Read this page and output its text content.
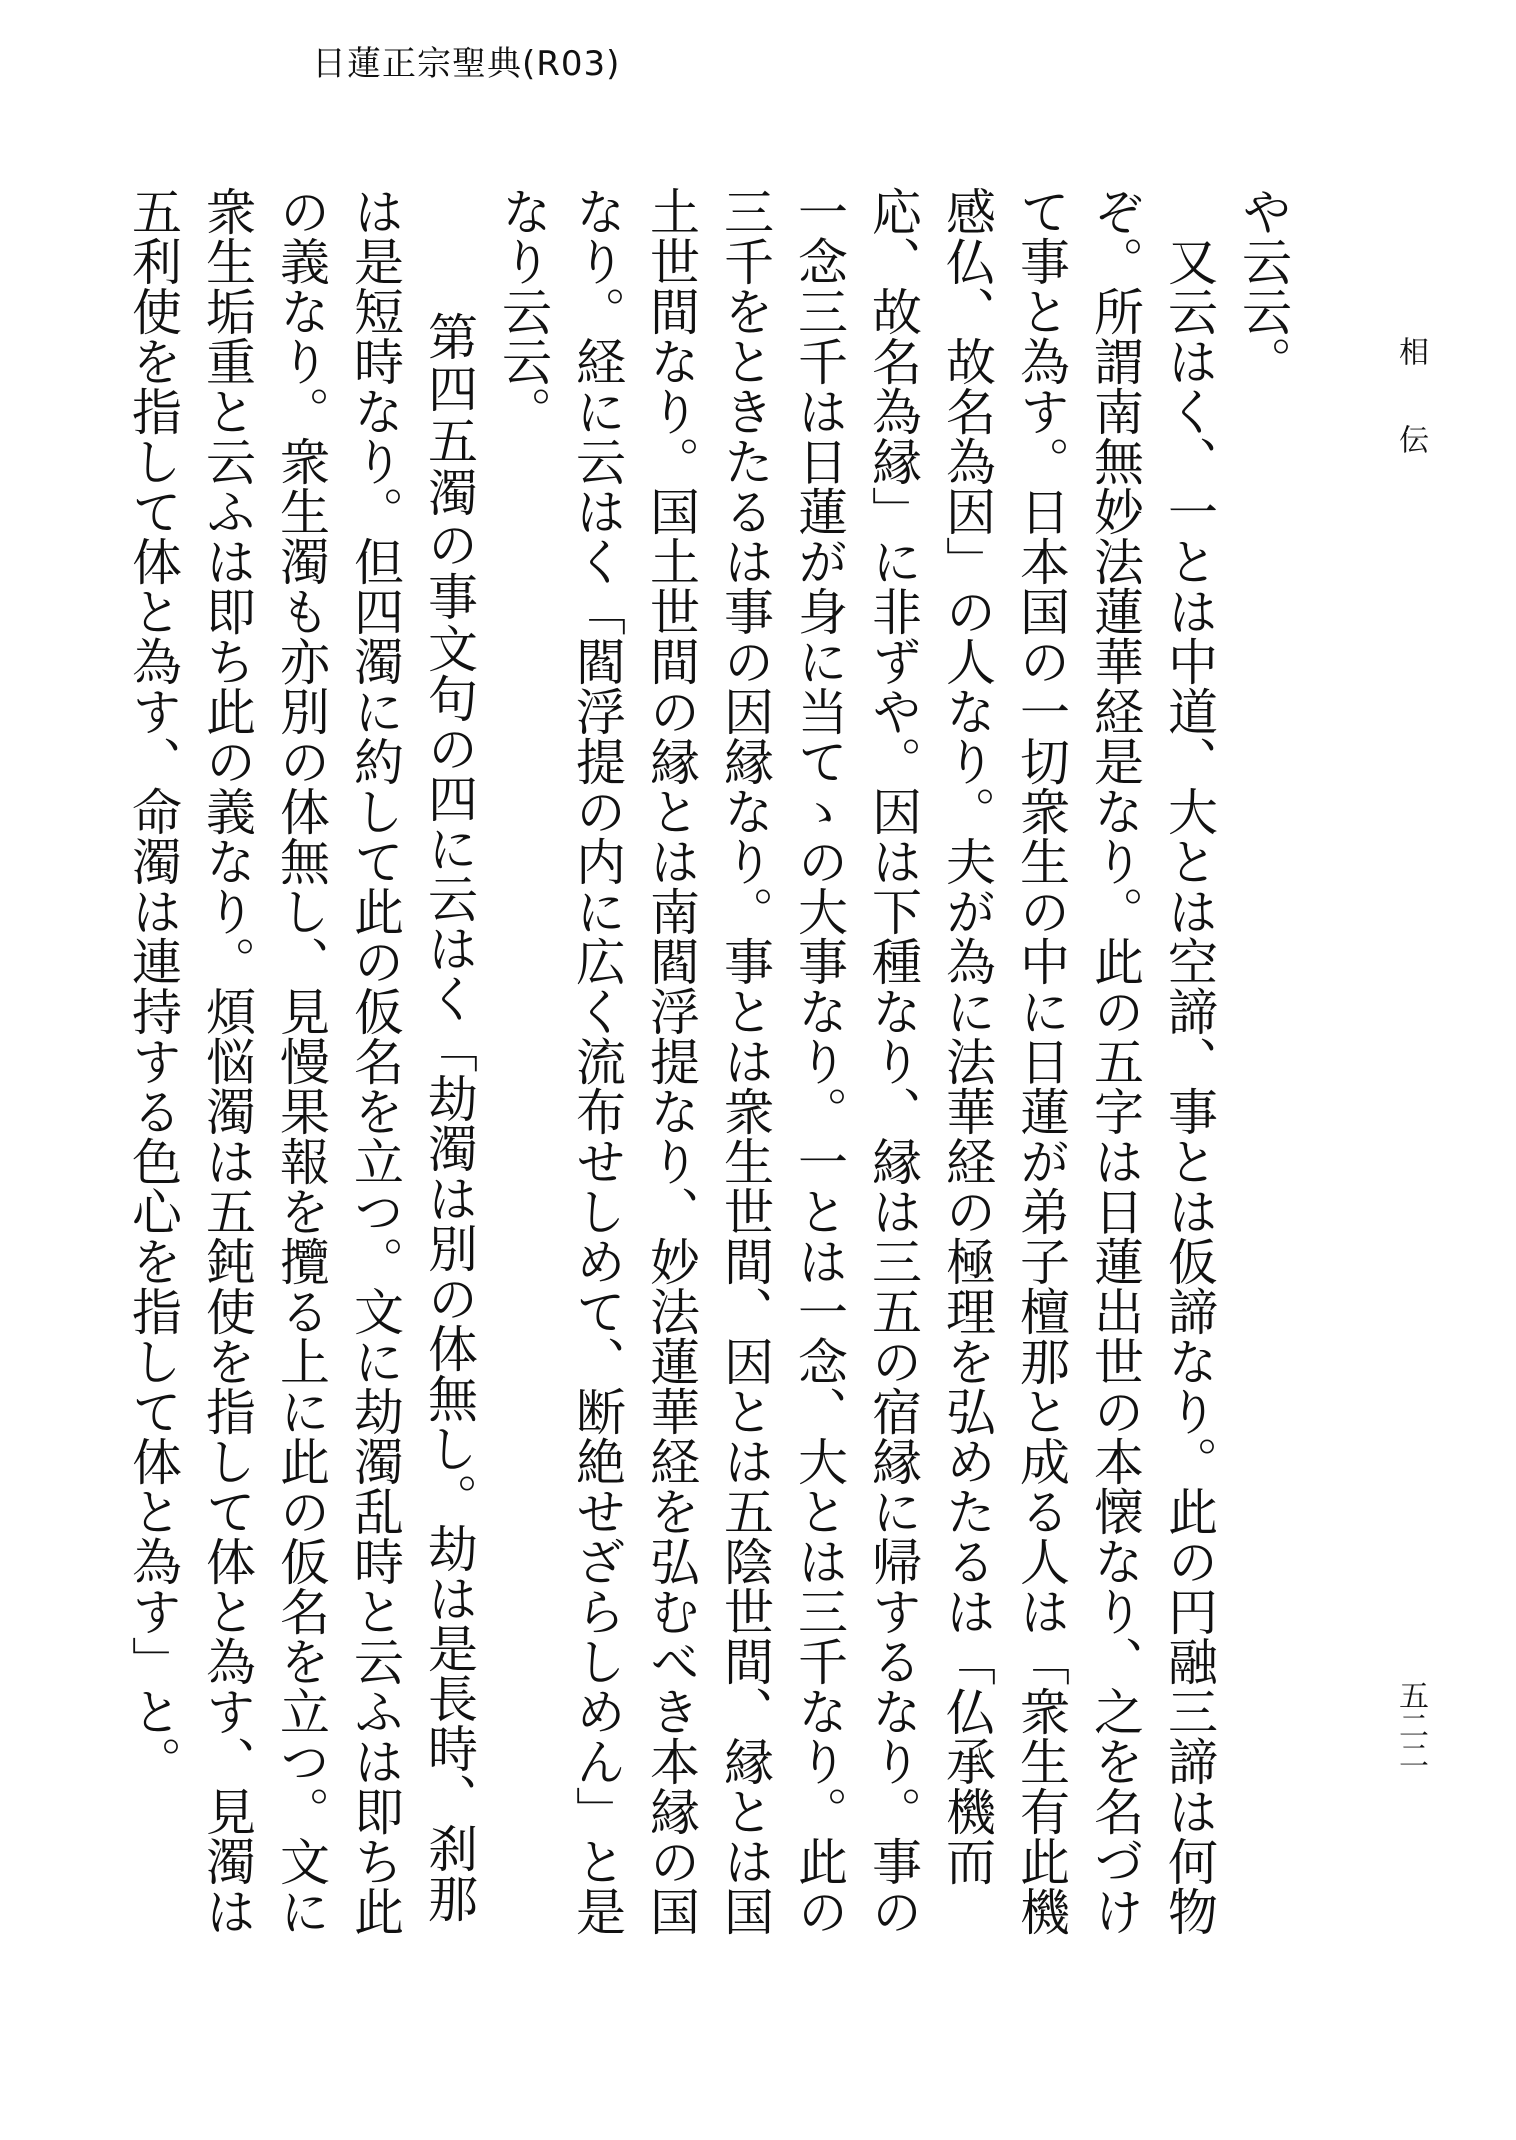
日蓮正宗聖典(R03)
相伝
五二二

や云云。

又云はく、一とは中道、大とは空諦、事とは仮諦なり。此の円融三諦は何物ぞ。所謂南無妙法蓮華経是なり。此の五字は日蓮出世の本懐なり、之を名づけて事と為す。日本国の一切衆生の中に日蓮が弟子檀那と成る人は「衆生有此機感仏、故名為因」の人なり。夫が為に法華経の極理を弘めたるは「仏承機而応、故名為縁」に非ずや。因は下種なり、縁は三五の宿縁に帰するなり。事の一念三千は日蓮が身に当てゝの大事なり。一とは一念、大とは三千なり。此の三千をときたるは事の因縁なり。事とは衆生世間、因とは五陰世間、縁とは国土世間なり。国土世間の縁とは南閻浮提なり、妙法蓮華経を弘むべき本縁の国なり。経に云はく「閻浮提の内に広く流布せしめて、断絶せざらしめん」と是なり云云。

第四五濁の事文句の四に云はく「劫濁は別の体無し。劫は是長時、刹那は是短時なり。但四濁に約して此の仮名を立つ。文に劫濁乱時と云ふは即ち此の義なり。衆生濁も亦別の体無し、見慢果報を攬る上に此の仮名を立つ。文に衆生垢重と云ふは即ち此の義なり。煩悩濁は五鈍使を指して体と為す、見濁は五利使を指して体と為す、命濁は連持する色心を指して体と為す」と。
